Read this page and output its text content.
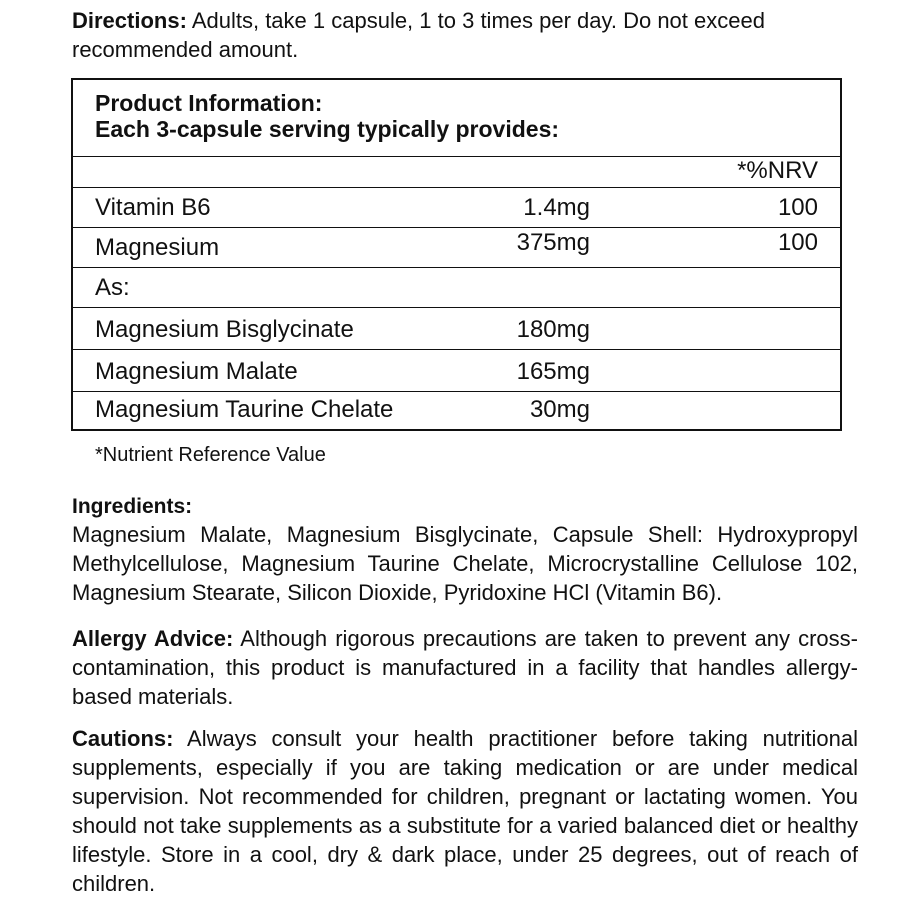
Directions: Adults, take 1 capsule, 1 to 3 times per day. Do not exceed recommended amount.

Product Information:
Each 3-capsule serving typically provides:
*%NRV
Vitamin B6	1.4mg	100
Magnesium	375mg	100
As:
Magnesium Bisglycinate	180mg
Magnesium Malate	165mg
Magnesium Taurine Chelate	30mg
*Nutrient Reference Value
Ingredients:

Magnesium Malate, Magnesium Bisglycinate, Capsule Shell: Hydroxypropyl Methylcellulose, Magnesium Taurine Chelate, Microcrystalline Cellulose 102, Magnesium Stearate, Silicon Dioxide, Pyridoxine HCl (Vitamin B6).

Allergy Advice: Although rigorous precautions are taken to prevent any cross-contamination, this product is manufactured in a facility that handles allergy-based materials.

Cautions: Always consult your health practitioner before taking nutritional supplements, especially if you are taking medication or are under medical supervision. Not recommended for children, pregnant or lactating women. You should not take supplements as a substitute for a varied balanced diet or healthy lifestyle. Store in a cool, dry & dark place, under 25 degrees, out of reach of children.
